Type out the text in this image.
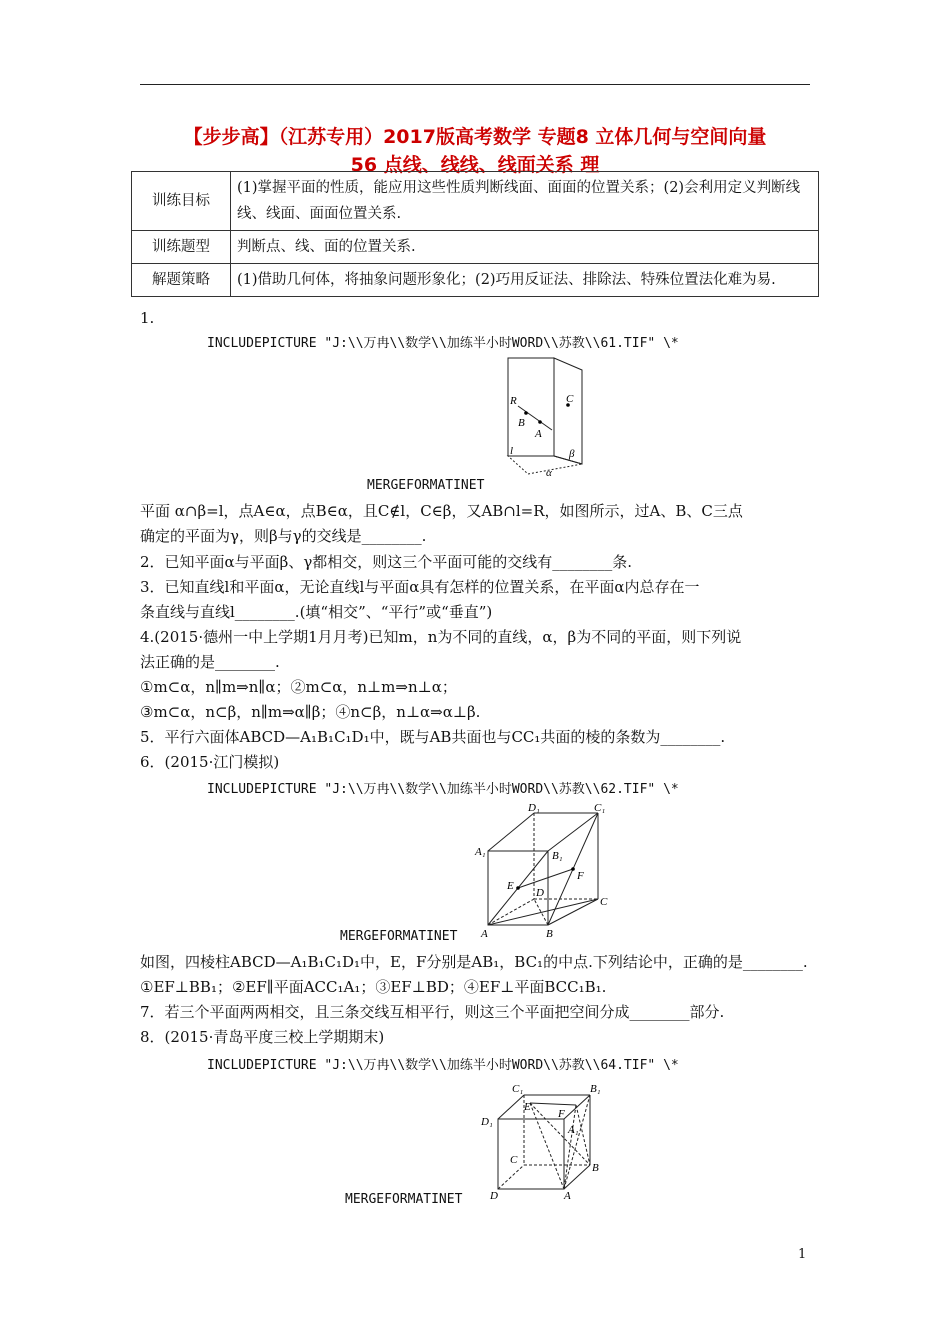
【步步高】（江苏专用）2017版高考数学 专题8 立体几何与空间向量
56 点线、线线、线面关系 理
训练目标	(1)掌握平面的性质，能应用这些性质判断线面、面面的位置关系；(2)会利用定义判断线线、线面、面面位置关系.
训练题型	判断点、线、面的位置关系.
解题策略	(1)借助几何体，将抽象问题形象化；(2)巧用反证法、排除法、特殊位置法化难为易.
1.
INCLUDEPICTURE "J:\\万冉\\数学\\加练半小时WORD\\苏教\\61.TIF" \*
R
B
A
C
l	β
α
MERGEFORMATINET
平面 α∩β=l，点A∈α，点B∈α，且C∉l，C∈β，又AB∩l=R，如图所示，过A、B、C三点
确定的平面为γ，则β与γ的交线是________.
2．已知平面α与平面β、γ都相交，则这三个平面可能的交线有________条.
3．已知直线l和平面α，无论直线l与平面α具有怎样的位置关系，在平面α内总存在一
条直线与直线l________.(填“相交”、“平行”或“垂直”)
4.(2015·德州一中上学期1月月考)已知m，n为不同的直线，α，β为不同的平面，则下列说
法正确的是________.
①m⊂α，n∥m⇒n∥α；②m⊂α，n⊥m⇒n⊥α；
③m⊂α，n⊂β，n∥m⇒α∥β；④n⊂β，n⊥α⇒α⊥β.
5．平行六面体ABCD—A₁B₁C₁D₁中，既与AB共面也与CC₁共面的棱的条数为________.
6．(2015·江门模拟)
INCLUDEPICTURE "J:\\万冉\\数学\\加练半小时WORD\\苏教\\62.TIF" \*
D₁	C₁
A₁	B₁
E
F
D
C
A	B
MERGEFORMATINET
如图，四棱柱ABCD—A₁B₁C₁D₁中，E，F分别是AB₁，BC₁的中点.下列结论中，正确的是________.
①EF⊥BB₁；②EF∥平面ACC₁A₁；③EF⊥BD；④EF⊥平面BCC₁B₁.
7．若三个平面两两相交，且三条交线互相平行，则这三个平面把空间分成________部分.
8．(2015·青岛平度三校上学期期末)
INCLUDEPICTURE "J:\\万冉\\数学\\加练半小时WORD\\苏教\\64.TIF" \*
C₁	B₁
E
F
D₁
A₁
C
B
D	A
MERGEFORMATINET
1
